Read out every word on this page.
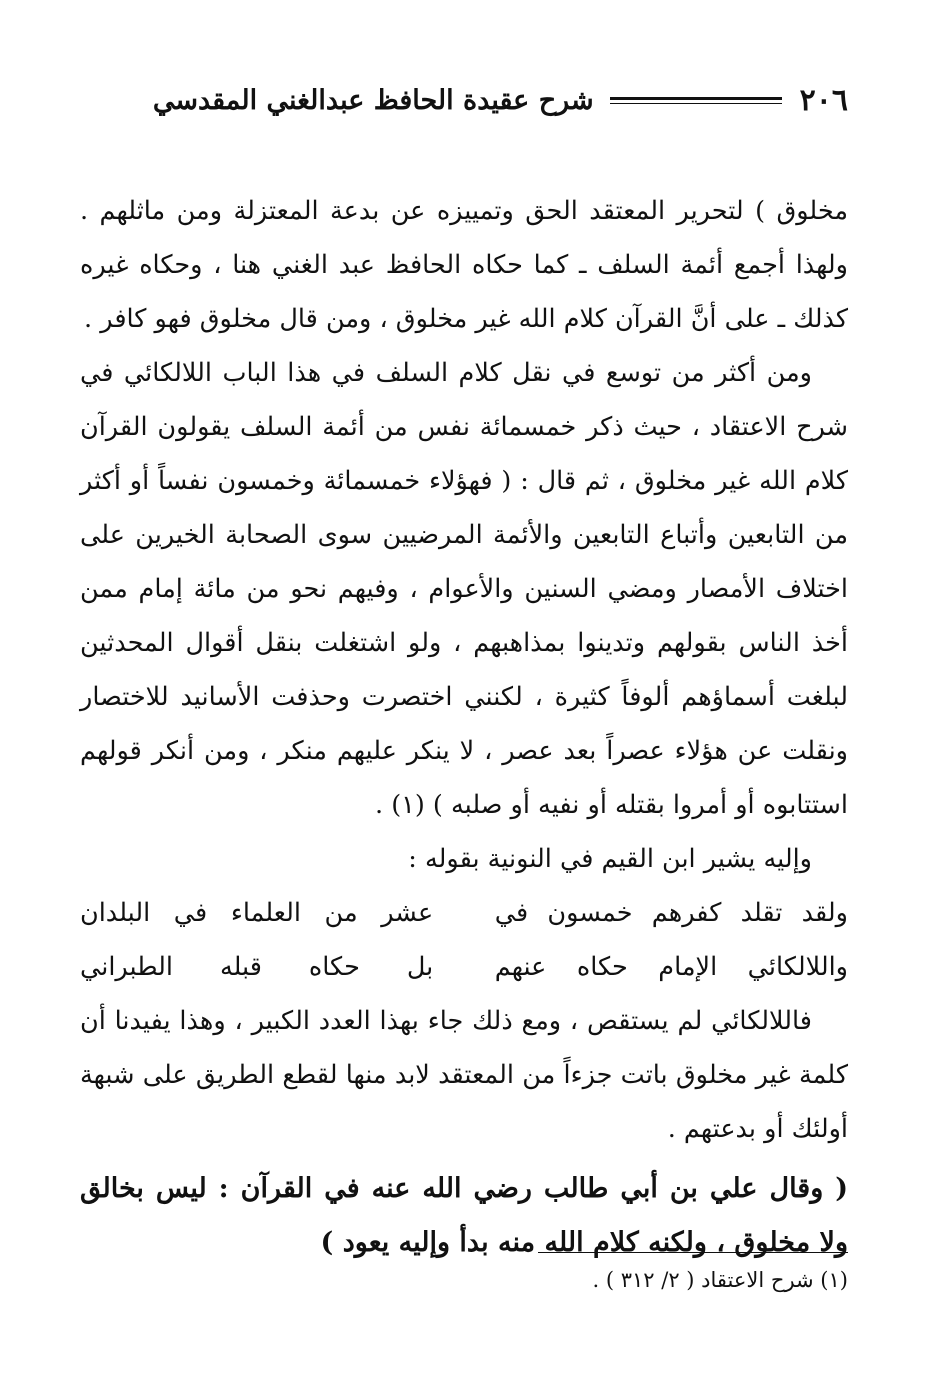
٢٠٦
شرح عقيدة الحافظ عبدالغني المقدسي

مخلوق ) لتحرير المعتقد الحق وتمييزه عن بدعة المعتزلة ومن ماثلهم . ولهذا أجمع أئمة السلف ـ كما حكاه الحافظ عبد الغني هنا ، وحكاه غيره كذلك ـ على أنَّ القرآن كلام الله غير مخلوق ، ومن قال مخلوق فهو كافر .

ومن أكثر من توسع في نقل كلام السلف في هذا الباب اللالكائي في شرح الاعتقاد ، حيث ذكر خمسمائة نفس من أئمة السلف يقولون القرآن كلام الله غير مخلوق ، ثم قال : ( فهؤلاء خمسمائة وخمسون نفساً أو أكثر من التابعين وأتباع التابعين والأئمة المرضيين سوى الصحابة الخيرين على اختلاف الأمصار ومضي السنين والأعوام ، وفيهم نحو من مائة إمام ممن أخذ الناس بقولهم وتدينوا بمذاهبهم ، ولو اشتغلت بنقل أقوال المحدثين لبلغت أسماؤهم ألوفاً كثيرة ، لكنني اختصرت وحذفت الأسانيد للاختصار ونقلت عن هؤلاء عصراً بعد عصر ، لا ينكر عليهم منكر ، ومن أنكر قولهم استتابوه أو أمروا بقتله أو نفيه أو صلبه ) (١) .

وإليه يشير ابن القيم في النونية بقوله :

ولقد تقلد كفرهم خمسون في
عشر من العلماء في البلدان
واللالكائي الإمام حكاه عنهم
بل حكاه قبله الطبراني

فاللالكائي لم يستقص ، ومع ذلك جاء بهذا العدد الكبير ، وهذا يفيدنا أن كلمة غير مخلوق باتت جزءاً من المعتقد لابد منها لقطع الطريق على شبهة أولئك أو بدعتهم .

( وقال علي بن أبي طالب رضي الله عنه في القرآن : ليس بخالق ولا مخلوق ، ولكنه كلام الله منه بدأ وإليه يعود )

(١) شرح الاعتقاد ( ٢/ ٣١٢ ) .
